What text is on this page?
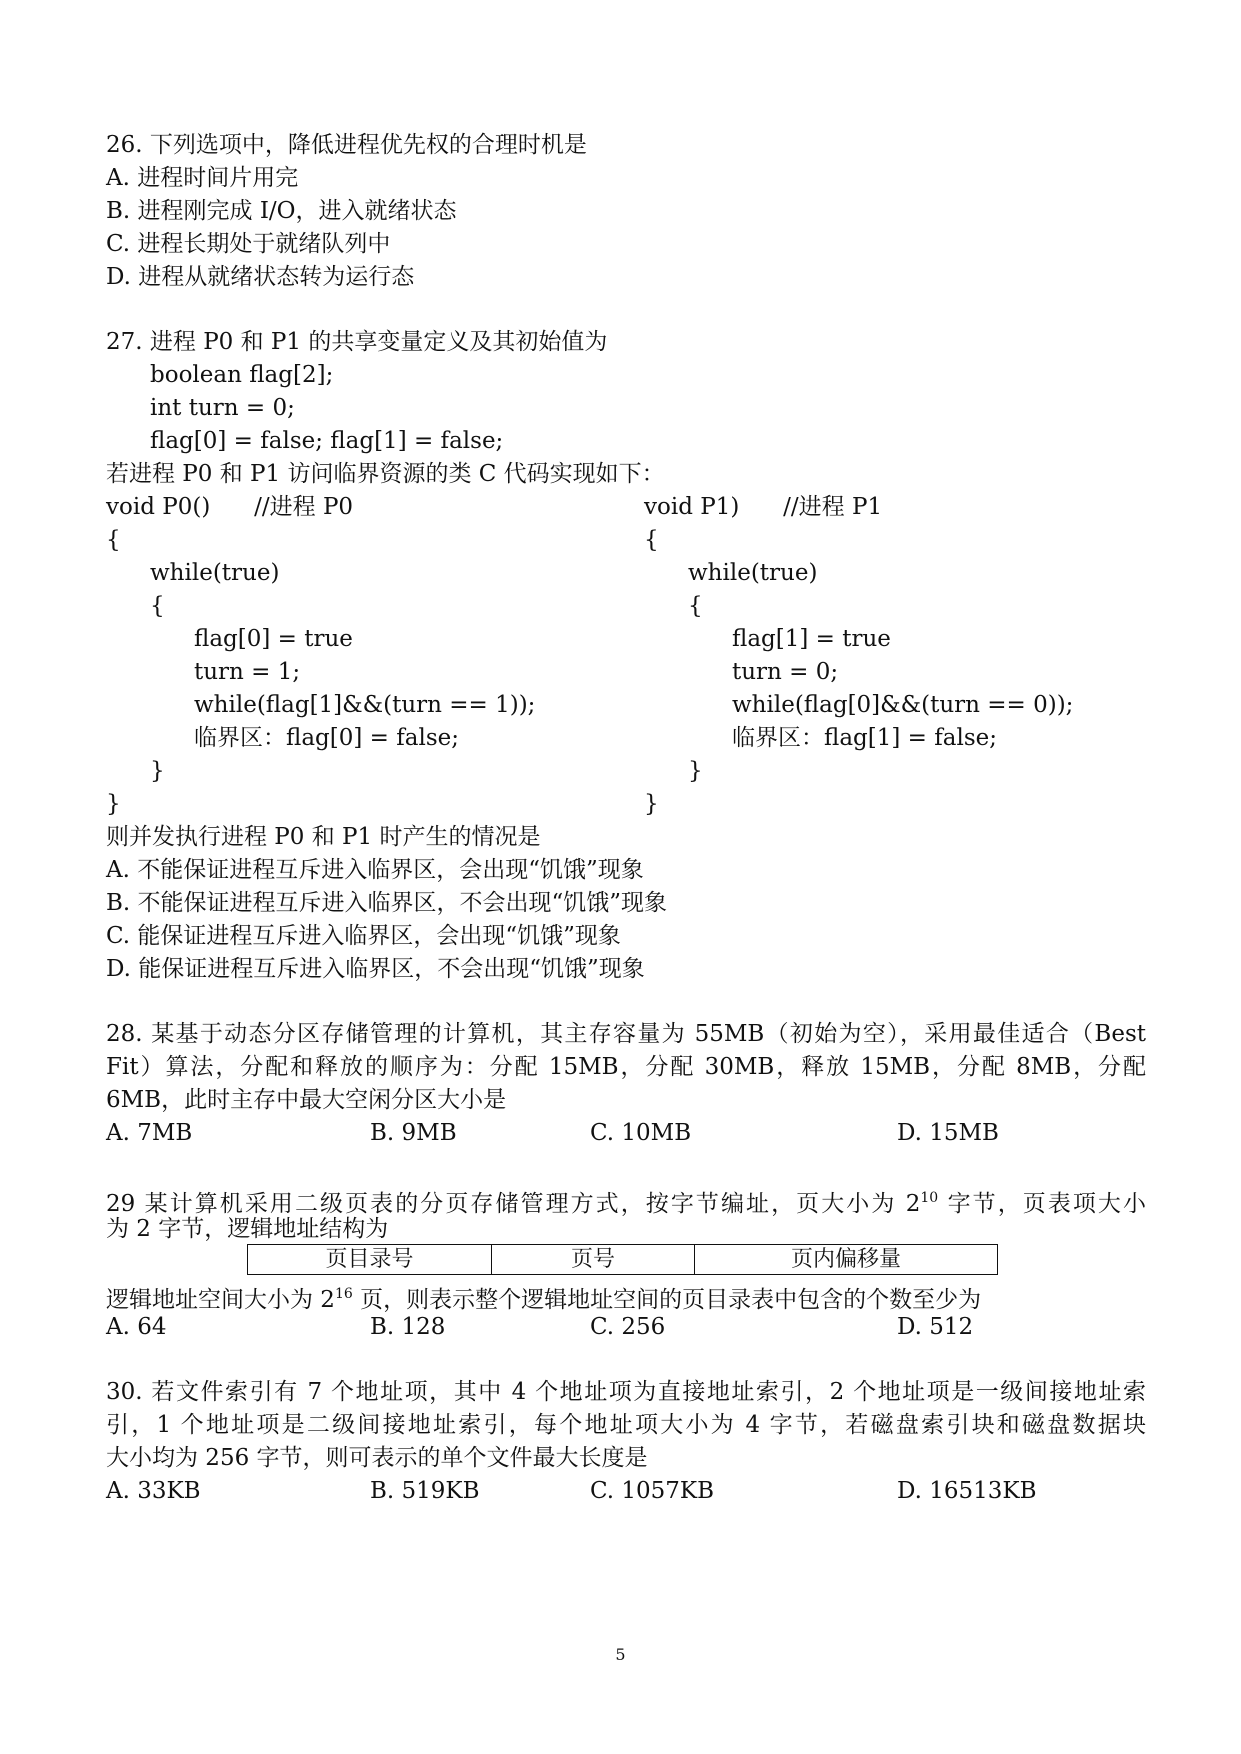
26. 下列选项中，降低进程优先权的合理时机是
A. 进程时间片用完
B. 进程刚完成 I/O，进入就绪状态
C. 进程长期处于就绪队列中
D. 进程从就绪状态转为运行态
27. 进程 P0 和 P1 的共享变量定义及其初始值为
boolean flag[2];
int turn = 0;
flag[0] = false; flag[1] = false;
若进程 P0 和 P1 访问临界资源的类 C 代码实现如下：
void P0()      //进程 P0
{
while(true)
{
flag[0] = true
turn = 1;
while(flag[1]&&(turn == 1));
临界区：flag[0] = false;
}
}
void P1)      //进程 P1
{
while(true)
{
flag[1] = true
turn = 0;
while(flag[0]&&(turn == 0));
临界区：flag[1] = false;
}
}
则并发执行进程 P0 和 P1 时产生的情况是
A. 不能保证进程互斥进入临界区，会出现“饥饿”现象
B. 不能保证进程互斥进入临界区，不会出现“饥饿”现象
C. 能保证进程互斥进入临界区，会出现“饥饿”现象
D. 能保证进程互斥进入临界区，不会出现“饥饿”现象
28. 某基于动态分区存储管理的计算机，其主存容量为 55MB（初始为空），采用最佳适合（Best
Fit）算法，分配和释放的顺序为：分配 15MB，分配 30MB，释放 15MB，分配 8MB，分配
6MB，此时主存中最大空闲分区大小是
A. 7MB	B. 9MB	C. 10MB	D. 15MB
29 某计算机采用二级页表的分页存储管理方式，按字节编址，页大小为 $2^{10}$ 字节，页表项大小
为 2 字节，逻辑地址结构为
页目录号	页号	页内偏移量
逻辑地址空间大小为 $2^{16}$ 页，则表示整个逻辑地址空间的页目录表中包含的个数至少为
A. 64	B. 128	C. 256	D. 512
30. 若文件索引有 7 个地址项，其中 4 个地址项为直接地址索引，2 个地址项是一级间接地址索
引，1 个地址项是二级间接地址索引，每个地址项大小为 4 字节，若磁盘索引块和磁盘数据块
大小均为 256 字节，则可表示的单个文件最大长度是
A. 33KB	B. 519KB	C. 1057KB	D. 16513KB
5
